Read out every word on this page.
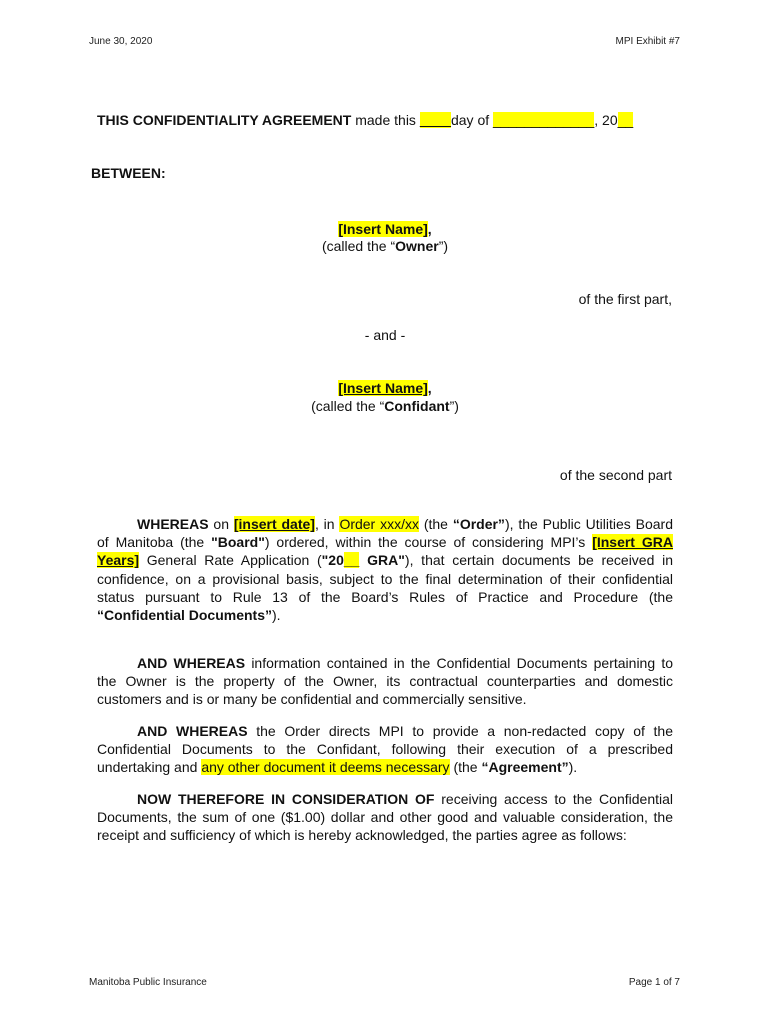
June 30, 2020	MPI Exhibit #7
THIS CONFIDENTIALITY AGREEMENT made this ____day of _____________, 20__
BETWEEN:
[Insert Name],
(called the “Owner”)
of the first part,
- and -
[Insert Name],
(called the “Confidant”)
of the second part
WHEREAS on [insert date], in Order xxx/xx (the “Order”), the Public Utilities Board of Manitoba (the "Board") ordered, within the course of considering MPI’s [Insert GRA Years] General Rate Application ("20__ GRA"), that certain documents be received in confidence, on a provisional basis, subject to the final determination of their confidential status pursuant to Rule 13 of the Board’s Rules of Practice and Procedure (the “Confidential Documents”).
AND WHEREAS information contained in the Confidential Documents pertaining to the Owner is the property of the Owner, its contractual counterparties and domestic customers and is or many be confidential and commercially sensitive.
AND WHEREAS the Order directs MPI to provide a non-redacted copy of the Confidential Documents to the Confidant, following their execution of a prescribed undertaking and any other document it deems necessary (the “Agreement”).
NOW THEREFORE IN CONSIDERATION OF receiving access to the Confidential Documents, the sum of one ($1.00) dollar and other good and valuable consideration, the receipt and sufficiency of which is hereby acknowledged, the parties agree as follows:
Manitoba Public Insurance	Page 1 of 7
